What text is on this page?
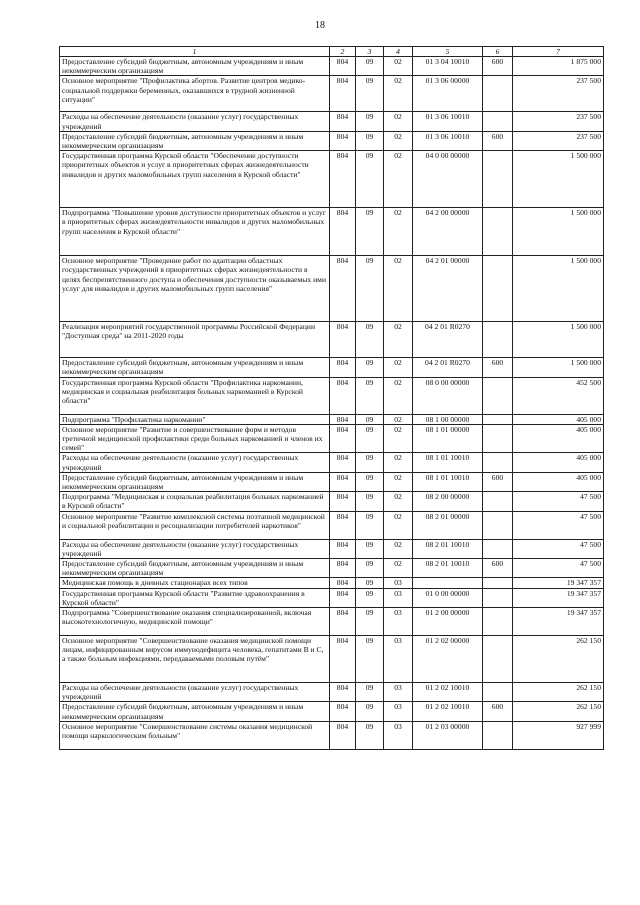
18
1	2	3	4	5	6	7
Предоставление субсидий бюджетным, автономным учреждениям и иным некоммерческим организациям	804	09	02	01 3 04 10010	600	1 875 000
Основное мероприятие "Профилактика абортов. Развитие центров медико-социальной поддержки беременных, оказавшихся в трудной жизненной ситуации"	804	09	02	01 3 06 00000		237 500
Расходы на обеспечение деятельности (оказание услуг) государственных учреждений	804	09	02	01 3 06 10010		237 500
Предоставление субсидий бюджетным, автономным учреждениям и иным некоммерческим организациям	804	09	02	01 3 06 10010	600	237 500
Государственная программа Курской области "Обеспечение доступности приоритетных объектов и услуг в приоритетных сферах жизнедеятельности инвалидов и других маломобильных групп населения в Курской области"	804	09	02	04 0 00 00000		1 500 000
Подпрограмма "Повышение уровня доступности приоритетных объектов и услуг в приоритетных сферах жизнедеятельности инвалидов и других маломобильных групп населения в Курской области"	804	09	02	04 2 00 00000		1 500 000
Основное мероприятие "Проведение работ по адаптации областных государственных учреждений в приоритетных сферах жизнедеятельности в целях беспрепятственного доступа и обеспечения доступности оказываемых ими услуг для инвалидов и других маломобильных групп населения"	804	09	02	04 2 01 00000		1 500 000
Реализация мероприятий государственной программы Российской Федерации "Доступная среда" на 2011-2020 годы	804	09	02	04 2 01 R0270		1 500 000
Предоставление субсидий бюджетным, автономным учреждениям и иным некоммерческим организациям	804	09	02	04 2 01 R0270	600	1 500 000
Государственная программа Курской области "Профилактика наркомании, медицинская и социальная реабилитация больных наркоманией в Курской области"	804	09	02	08 0 00 00000		452 500
Подпрограмма "Профилактика наркомании"	804	09	02	08 1 00 00000		405 000
Основное мероприятие "Развитие и совершенствование форм и методов третичной медицинской профилактики среди больных наркоманией и членов их семей"	804	09	02	08 1 01 00000		405 000
Расходы на обеспечение деятельности (оказание услуг) государственных учреждений	804	09	02	08 1 01 10010		405 000
Предоставление субсидий бюджетным, автономным учреждениям и иным некоммерческим организациям	804	09	02	08 1 01 10010	600	405 000
Подпрограмма "Медицинская и социальная реабилитация больных наркоманией в Курской области"	804	09	02	08 2 00 00000		47 500
Основное мероприятие "Развитие комплексной системы поэтапной медицинской и социальной реабилитации и ресоциализации потребителей наркотиков"	804	09	02	08 2 01 00000		47 500
Расходы на обеспечение деятельности (оказание услуг) государственных учреждений	804	09	02	08 2 01 10010		47 500
Предоставление субсидий бюджетным, автономным учреждениям и иным некоммерческим организациям	804	09	02	08 2 01 10010	600	47 500
Медицинская помощь в дневных стационарах всех типов	804	09	03			19 347 357
Государственная программа Курской области "Развитие здравоохранения в Курской области"	804	09	03	01 0 00 00000		19 347 357
Подпрограмма "Совершенствование оказания специализированной, включая высокотехнологичную, медицинской помощи"	804	09	03	01 2 00 00000		19 347 357
Основное мероприятие "Совершенствование оказания медицинской помощи лицам, инфицированным вирусом иммунодефицита человека, гепатитами В и С, а также больным инфекциями, передаваемыми половым путём"	804	09	03	01 2 02 00000		262 150
Расходы на обеспечение деятельности (оказание услуг) государственных учреждений	804	09	03	01 2 02 10010		262 150
Предоставление субсидий бюджетным, автономным учреждениям и иным некоммерческим организациям	804	09	03	01 2 02 10010	600	262 150
Основное мероприятие "Совершенствование системы оказания медицинской помощи наркологическим больным"	804	09	03	01 2 03 00000		927 999
